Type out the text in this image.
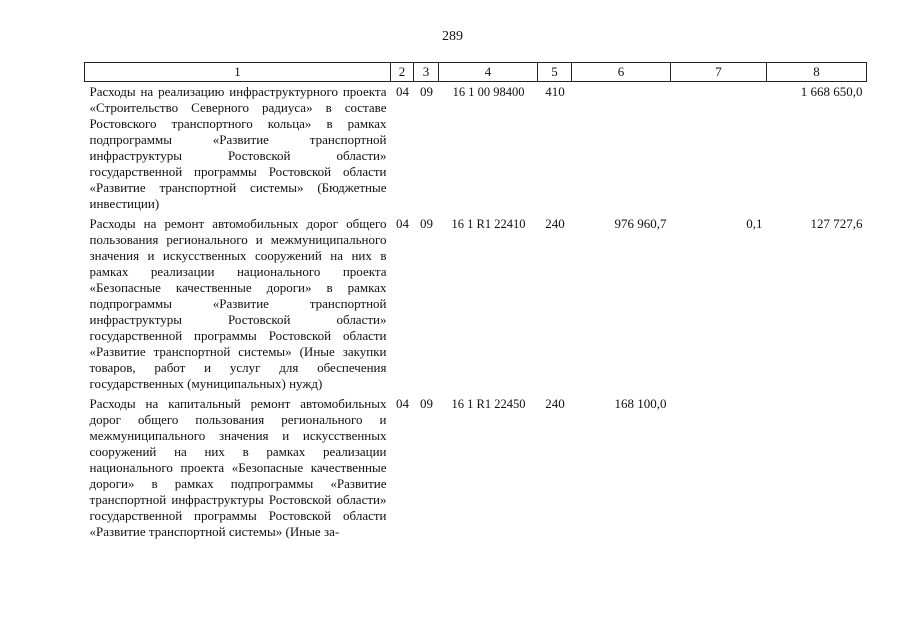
289
1	2	3	4	5	6	7	8
Расходы на реализацию инфраструктурного проекта «Строительство Северного радиуса» в составе Ростовского транспортного кольца» в рамках подпрограммы «Развитие транспортной инфраструктуры Ростовской области» государственной программы Ростовской области «Развитие транспортной системы» (Бюджетные инвестиции)	04	09	16 1 00 98400	410			1 668 650,0
Расходы на ремонт автомобильных дорог общего пользования регионального и межмуниципального значения и искусственных сооружений на них в рамках реализации национального проекта «Безопасные качественные дороги» в рамках подпрограммы «Развитие транспортной инфраструктуры Ростовской области» государственной программы Ростовской области «Развитие транспортной системы» (Иные закупки товаров, работ и услуг для обеспечения государственных (муниципальных) нужд)	04	09	16 1 R1 22410	240	976 960,7	0,1	127 727,6
Расходы на капитальный ремонт автомобильных дорог общего пользования регионального и межмуниципального значения и искусственных сооружений на них в рамках реализации национального проекта «Безопасные качественные дороги» в рамках подпрограммы «Развитие транспортной инфраструктуры Ростовской области» государственной программы Ростовской области «Развитие транспортной системы» (Иные за-	04	09	16 1 R1 22450	240	168 100,0		
